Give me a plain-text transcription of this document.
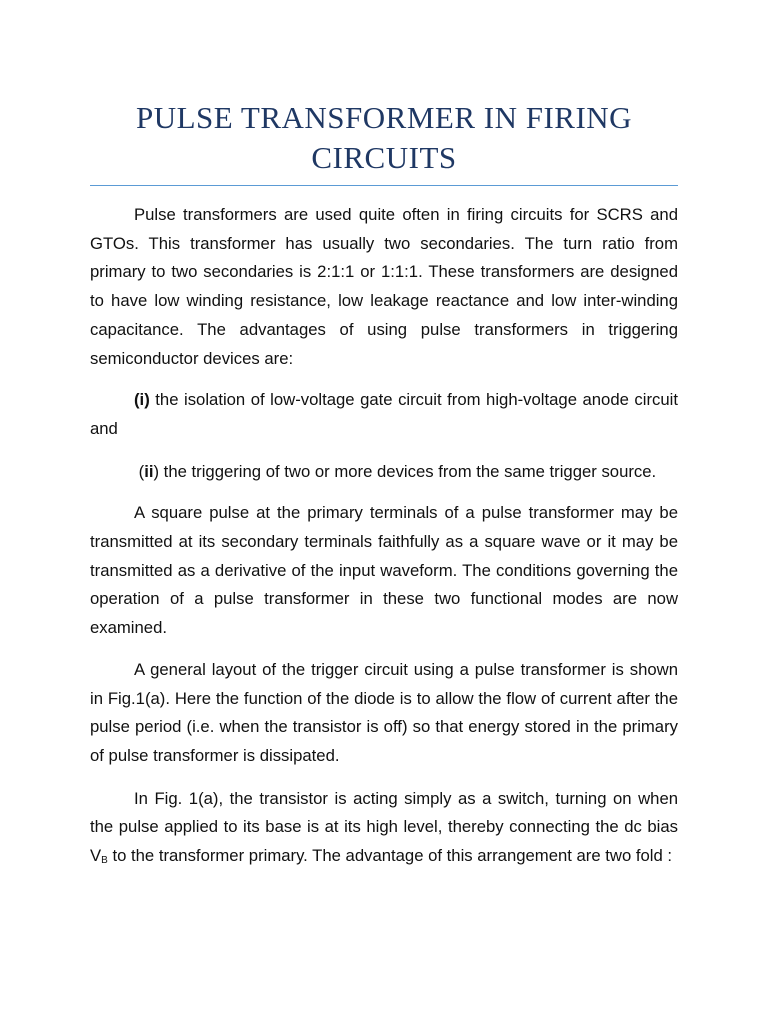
PULSE TRANSFORMER IN FIRING CIRCUITS

Pulse transformers are used quite often in firing circuits for SCRS and GTOs. This transformer has usually two secondaries. The turn ratio from primary to two secondaries is 2:1:1 or 1:1:1. These transformers are designed to have low winding resistance, low leakage reactance and low inter-winding capacitance. The advantages of using pulse transformers in triggering semiconductor devices are:

(i) the isolation of low-voltage gate circuit from high-voltage anode circuit and

(ii) the triggering of two or more devices from the same trigger source.

A square pulse at the primary terminals of a pulse transformer may be transmitted at its secondary terminals faithfully as a square wave or it may be transmitted as a derivative of the input waveform. The conditions governing the operation of a pulse transformer in these two functional modes are now examined.

A general layout of the trigger circuit using a pulse transformer is shown in Fig.1(a). Here the function of the diode is to allow the flow of current after the pulse period (i.e. when the transistor is off) so that energy stored in the primary of pulse transformer is dissipated.

In Fig. 1(a), the transistor is acting simply as a switch, turning on when the pulse applied to its base is at its high level, thereby connecting the dc bias $V_B$ to the transformer primary. The advantage of this arrangement are two fold :
